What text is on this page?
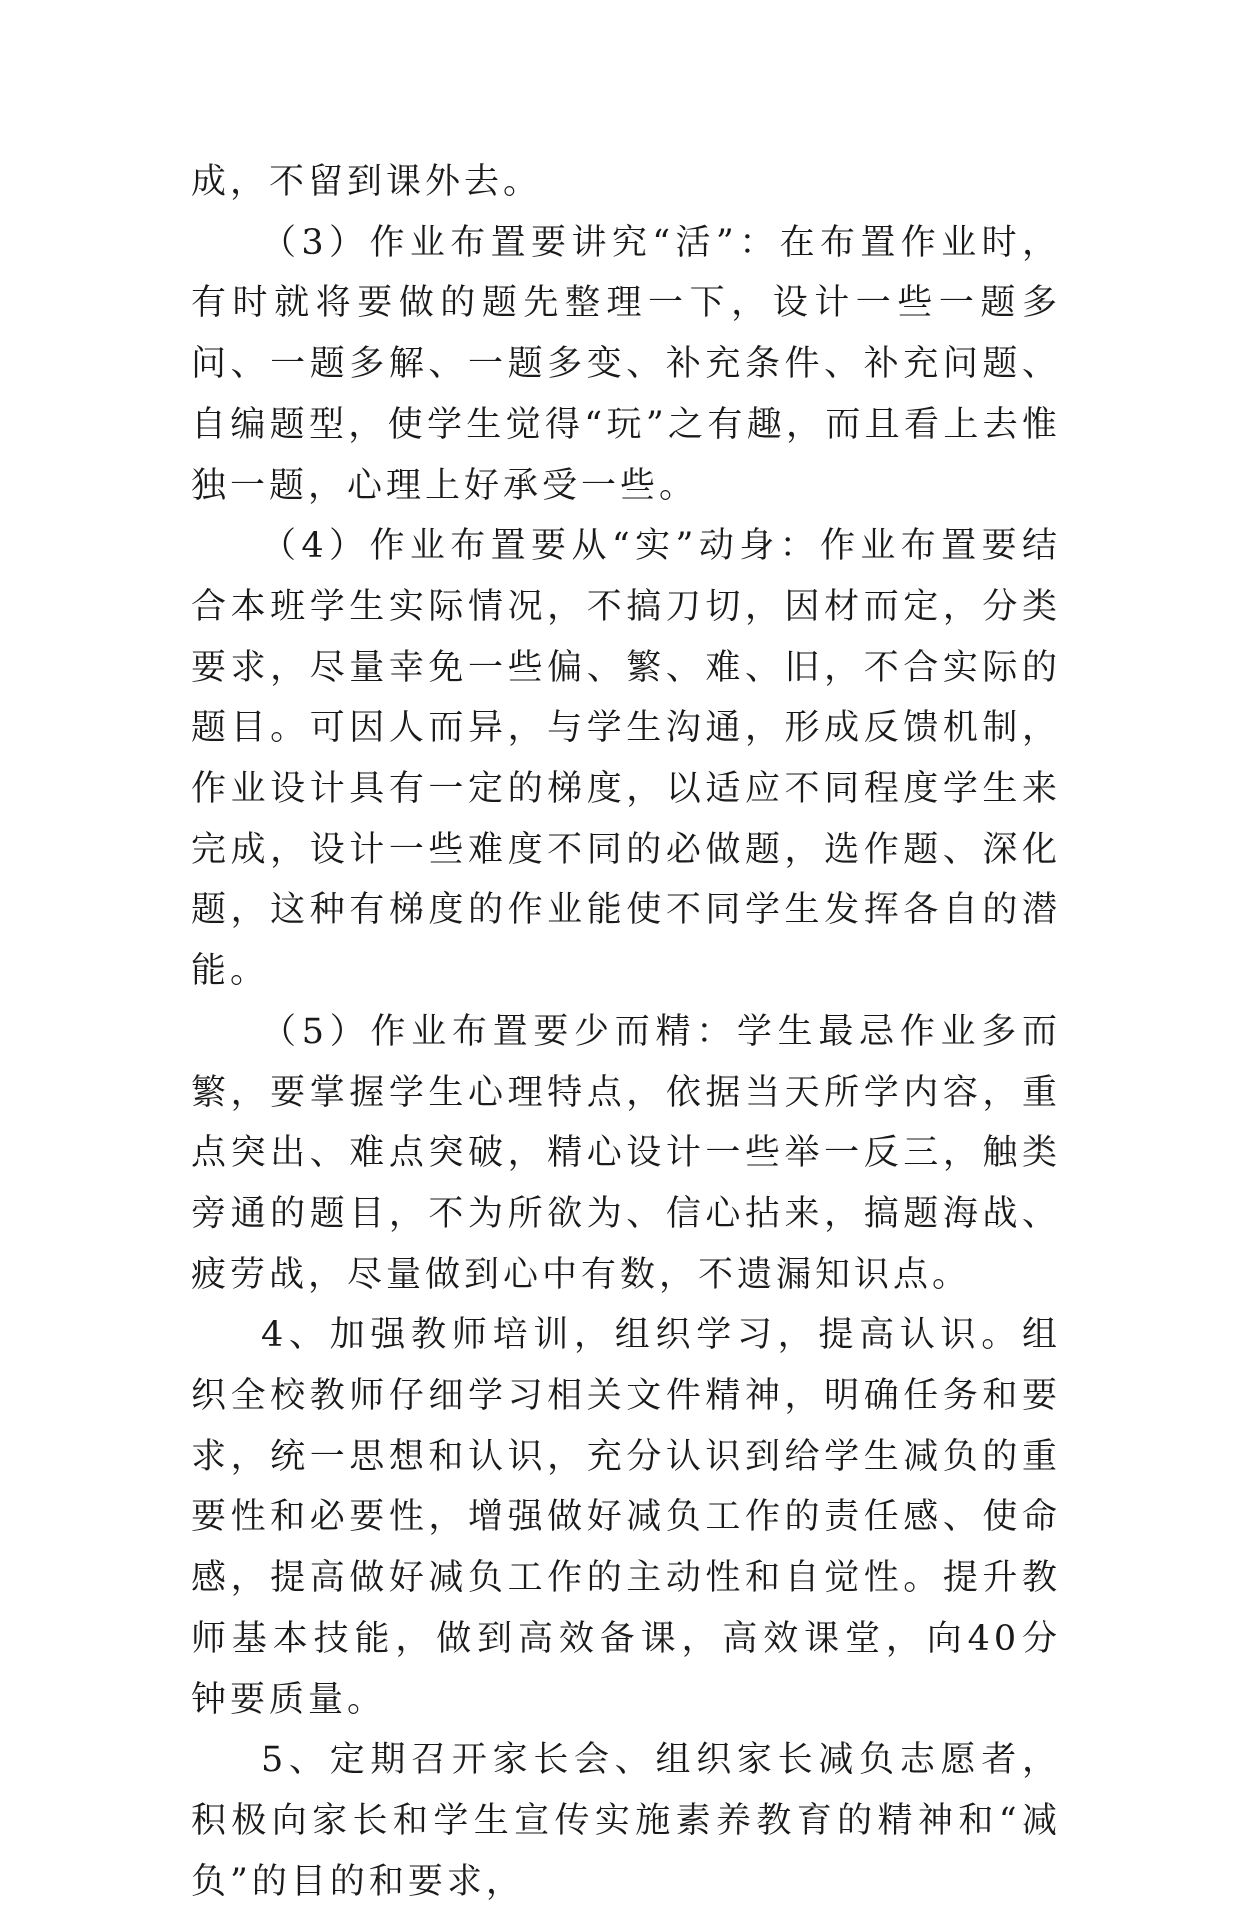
成，不留到课外去。

（3）作业布置要讲究“活”：在布置作业时，有时就将要做的题先整理一下，设计一些一题多问、一题多解、一题多变、补充条件、补充问题、自编题型，使学生觉得“玩”之有趣，而且看上去惟独一题，心理上好承受一些。

（4）作业布置要从“实”动身：作业布置要结合本班学生实际情况，不搞刀切，因材而定，分类要求，尽量幸免一些偏、繁、难、旧，不合实际的题目。可因人而异，与学生沟通，形成反馈机制，作业设计具有一定的梯度，以适应不同程度学生来完成，设计一些难度不同的必做题，选作题、深化题，这种有梯度的作业能使不同学生发挥各自的潜能。

（5）作业布置要少而精：学生最忌作业多而繁，要掌握学生心理特点，依据当天所学内容，重点突出、难点突破，精心设计一些举一反三，触类旁通的题目，不为所欲为、信心拈来，搞题海战、疲劳战，尽量做到心中有数，不遗漏知识点。

4、加强教师培训，组织学习，提高认识。组织全校教师仔细学习相关文件精神，明确任务和要求，统一思想和认识，充分认识到给学生减负的重要性和必要性，增强做好减负工作的责任感、使命感，提高做好减负工作的主动性和自觉性。提升教师基本技能，做到高效备课，高效课堂，向40分钟要质量。

5、定期召开家长会、组织家长减负志愿者，积极向家长和学生宣传实施素养教育的精神和“减负”的目的和要求，
